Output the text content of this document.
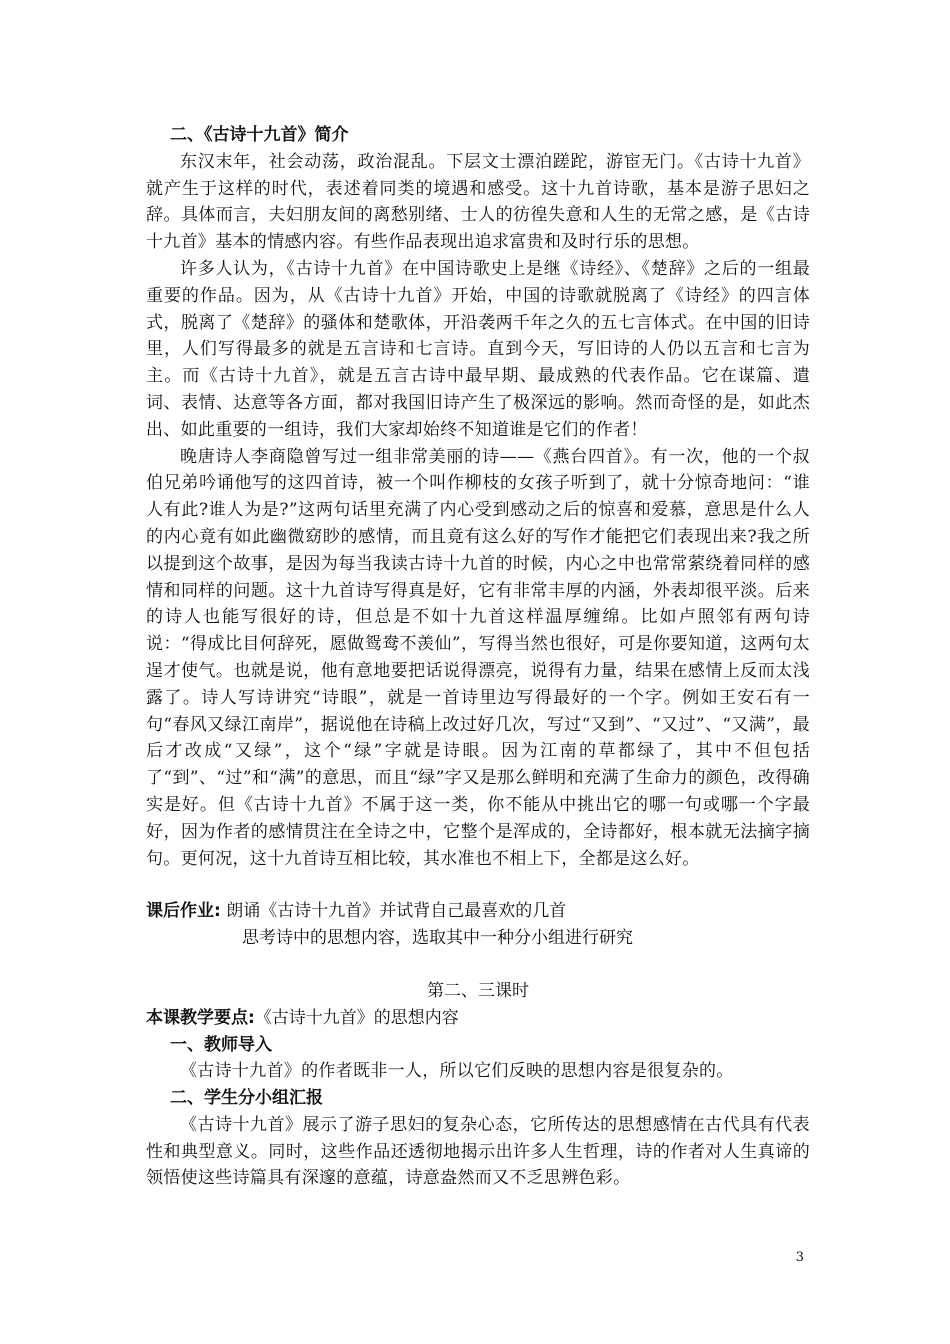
二、《古诗十九首》简介

东汉末年，社会动荡，政治混乱。下层文士漂泊蹉跎，游宦无门。《古诗十九首》就产生于这样的时代，表述着同类的境遇和感受。这十九首诗歌，基本是游子思妇之辞。具体而言，夫妇朋友间的离愁别绪、士人的彷徨失意和人生的无常之感，是《古诗十九首》基本的情感内容。有些作品表现出追求富贵和及时行乐的思想。

许多人认为，《古诗十九首》在中国诗歌史上是继《诗经》、《楚辞》之后的一组最重要的作品。因为，从《古诗十九首》开始，中国的诗歌就脱离了《诗经》的四言体式，脱离了《楚辞》的骚体和楚歌体，开沿袭两千年之久的五七言体式。在中国的旧诗里，人们写得最多的就是五言诗和七言诗。直到今天，写旧诗的人仍以五言和七言为主。而《古诗十九首》，就是五言古诗中最早期、最成熟的代表作品。它在谋篇、遣词、表情、达意等各方面，都对我国旧诗产生了极深远的影响。然而奇怪的是，如此杰出、如此重要的一组诗，我们大家却始终不知道谁是它们的作者！

晚唐诗人李商隐曾写过一组非常美丽的诗——《燕台四首》。有一次，他的一个叔伯兄弟吟诵他写的这四首诗，被一个叫作柳枝的女孩子听到了，就十分惊奇地问：“谁人有此?谁人为是?”这两句话里充满了内心受到感动之后的惊喜和爱慕，意思是什么人的内心竟有如此幽微窈眇的感情，而且竟有这么好的写作才能把它们表现出来?我之所以提到这个故事，是因为每当我读古诗十九首的时候，内心之中也常常萦绕着同样的感情和同样的问题。这十九首诗写得真是好，它有非常丰厚的内涵，外表却很平淡。后来的诗人也能写很好的诗，但总是不如十九首这样温厚缠绵。比如卢照邻有两句诗说：“得成比目何辞死，愿做鸳鸯不羡仙”，写得当然也很好，可是你要知道，这两句太逞才使气。也就是说，他有意地要把话说得漂亮，说得有力量，结果在感情上反而太浅露了。诗人写诗讲究“诗眼”，就是一首诗里边写得最好的一个字。例如王安石有一句“春风又绿江南岸”，据说他在诗稿上改过好几次，写过“又到”、“又过”、“又满”，最后才改成“又绿”，这个“绿”字就是诗眼。因为江南的草都绿了，其中不但包括了“到”、“过”和“满”的意思，而且“绿”字又是那么鲜明和充满了生命力的颜色，改得确实是好。但《古诗十九首》不属于这一类，你不能从中挑出它的哪一句或哪一个字最好，因为作者的感情贯注在全诗之中，它整个是浑成的，全诗都好，根本就无法摘字摘句。更何况，这十九首诗互相比较，其水准也不相上下，全都是这么好。

课后作业: 朗诵《古诗十九首》并试背自己最喜欢的几首

思考诗中的思想内容，选取其中一种分小组进行研究

第二、三课时

本课教学要点:《古诗十九首》的思想内容

一、教师导入

《古诗十九首》的作者既非一人，所以它们反映的思想内容是很复杂的。

二、学生分小组汇报

《古诗十九首》展示了游子思妇的复杂心态，它所传达的思想感情在古代具有代表性和典型意义。同时，这些作品还透彻地揭示出许多人生哲理，诗的作者对人生真谛的领悟使这些诗篇具有深邃的意蕴，诗意盎然而又不乏思辨色彩。

3
